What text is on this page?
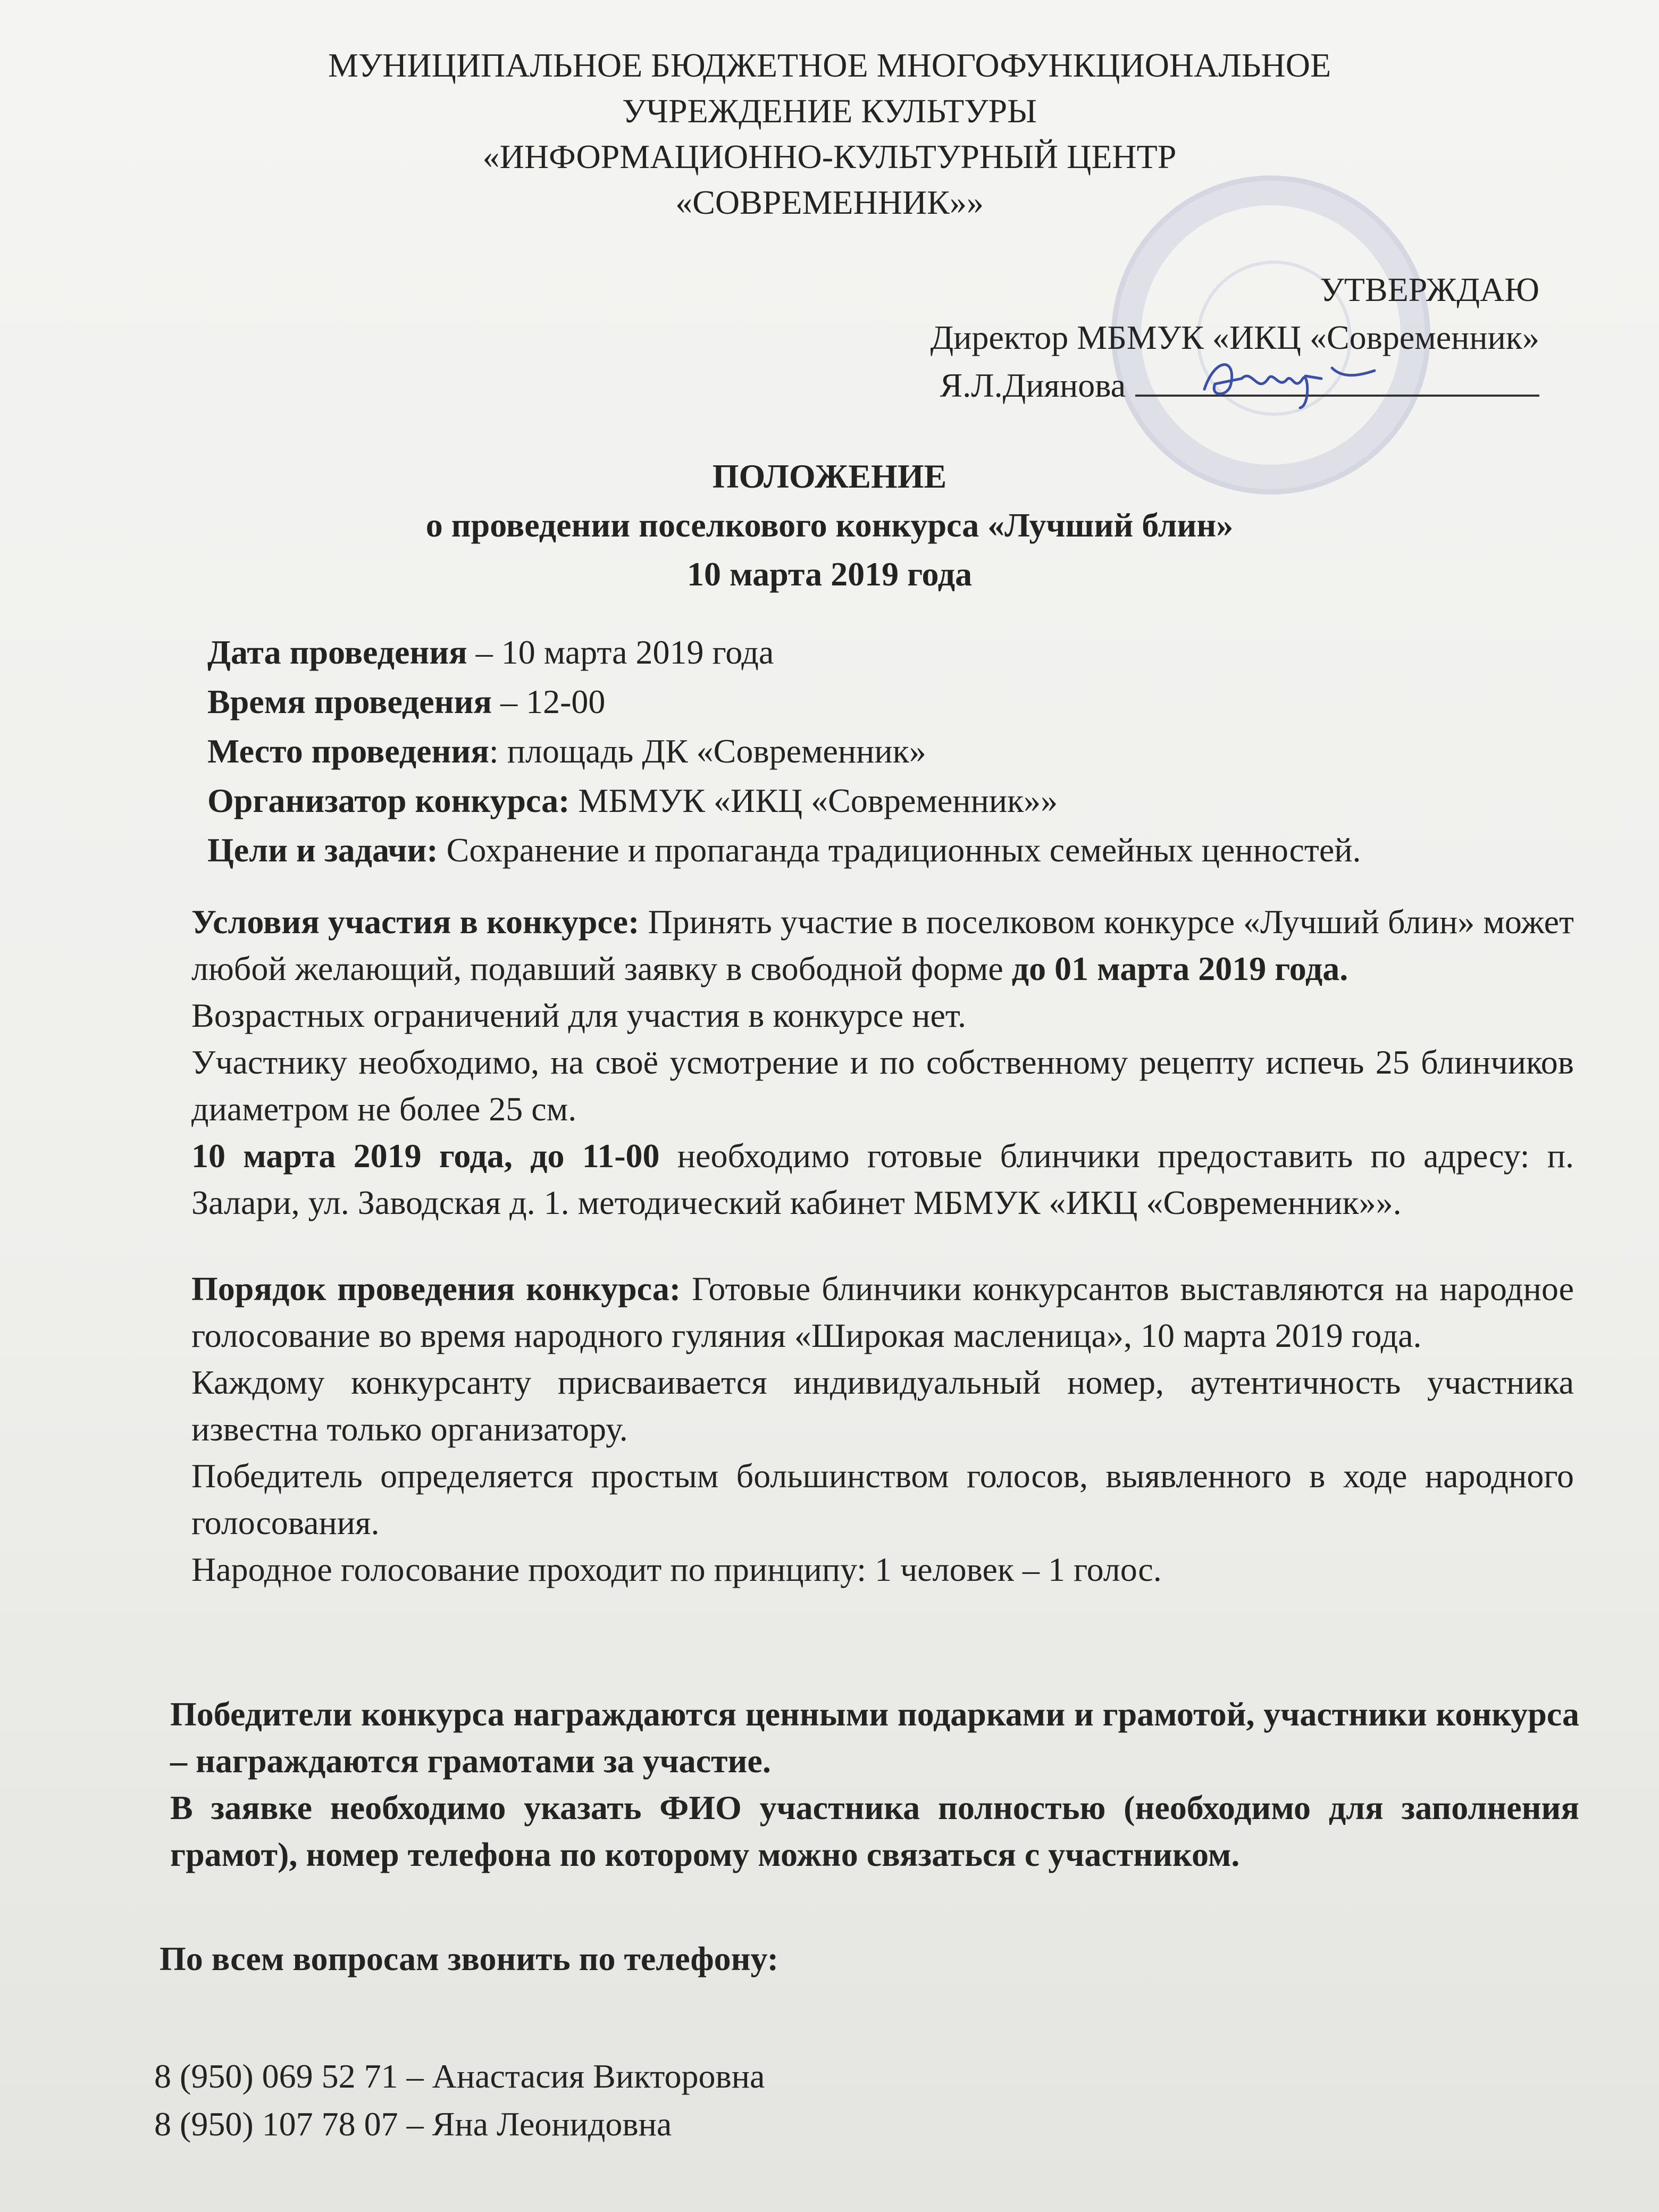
МУНИЦИПАЛЬНОЕ БЮДЖЕТНОЕ МНОГОФУНКЦИОНАЛЬНОЕ
УЧРЕЖДЕНИЕ КУЛЬТУРЫ
«ИНФОРМАЦИОННО-КУЛЬТУРНЫЙ ЦЕНТР
«СОВРЕМЕННИК»»
УТВЕРЖДАЮ
Директор МБМУК «ИКЦ «Современник»
Я.Л.Диянова
ПОЛОЖЕНИЕ
о проведении поселкового конкурса «Лучший блин»
10 марта 2019 года
Дата проведения – 10 марта 2019 года
Время проведения – 12-00
Место проведения: площадь ДК «Современник»
Организатор конкурса: МБМУК «ИКЦ «Современник»»
Цели и задачи: Сохранение и пропаганда традиционных семейных ценностей.

Условия участия в конкурсе: Принять участие в поселковом конкурсе «Лучший блин» может любой желающий, подавший заявку в свободной форме до 01 марта 2019 года.

Возрастных ограничений для участия в конкурсе нет.

Участнику необходимо, на своё усмотрение и по собственному рецепту испечь 25 блинчиков диаметром не более 25 см.

10 марта 2019 года, до 11-00 необходимо готовые блинчики предоставить по адресу: п. Залари, ул. Заводская д. 1. методический кабинет МБМУК «ИКЦ «Современник»».

Порядок проведения конкурса: Готовые блинчики конкурсантов выставляются на народное голосование во время народного гуляния «Широкая масленица», 10 марта 2019 года.

Каждому конкурсанту присваивается индивидуальный номер, аутентичность участника известна только организатору.

Победитель определяется простым большинством голосов, выявленного в ходе народного голосования.

Народное голосование проходит по принципу: 1 человек – 1 голос.

Победители конкурса награждаются ценными подарками и грамотой, участники конкурса – награждаются грамотами за участие.

В заявке необходимо указать ФИО участника полностью (необходимо для заполнения грамот), номер телефона по которому можно связаться с участником.

По всем вопросам звонить по телефону:
8 (950) 069 52 71 – Анастасия Викторовна
8 (950) 107 78 07 – Яна Леонидовна
